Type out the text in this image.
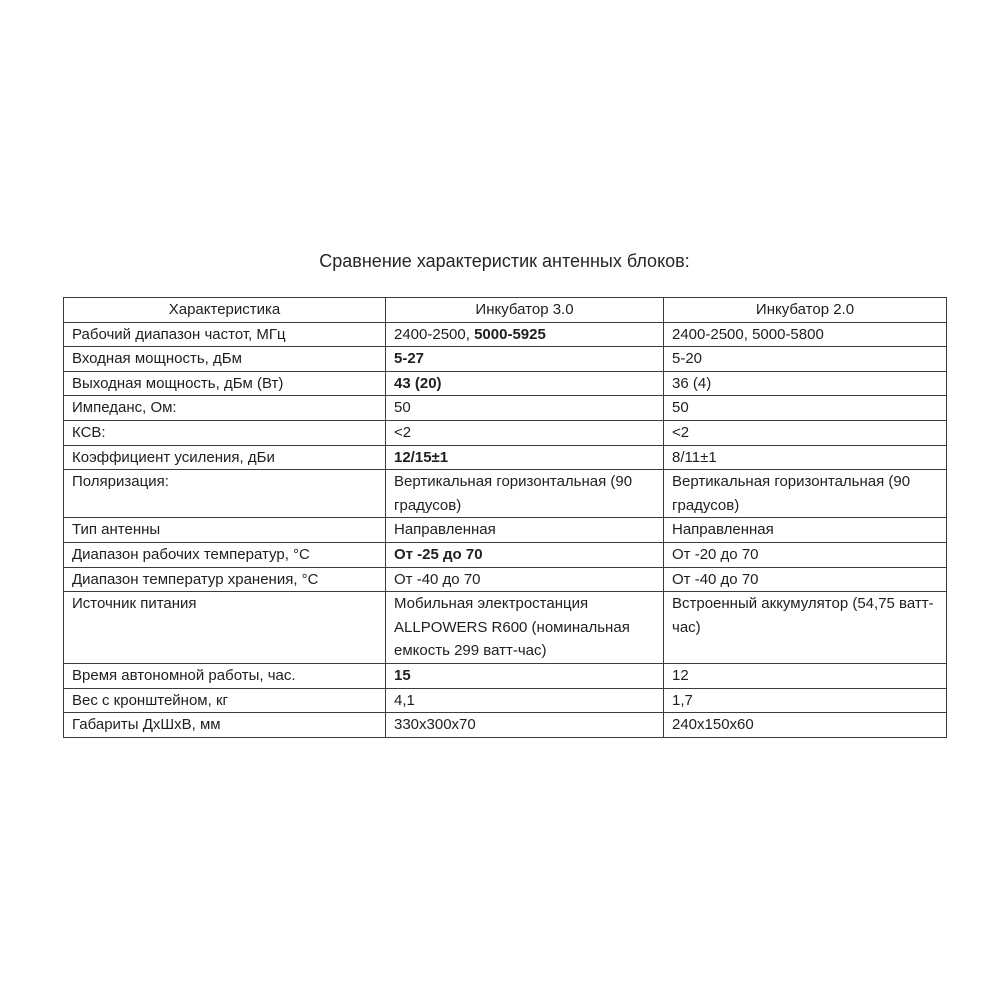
Сравнение характеристик антенных блоков:
Характеристика	Инкубатор 3.0	Инкубатор 2.0
Рабочий диапазон частот, МГц	2400-2500, 5000-5925	2400-2500, 5000-5800
Входная мощность, дБм	5-27	5-20
Выходная мощность, дБм (Вт)	43 (20)	36 (4)
Импеданс, Ом:	50	50
КСВ:	<2	<2
Коэффициент усиления, дБи	12/15±1	8/11±1
Поляризация:	Вертикальная горизонтальная (90 градусов)	Вертикальная горизонтальная (90 градусов)
Тип антенны	Направленная	Направленная
Диапазон рабочих температур, °С	От -25 до 70	От -20 до 70
Диапазон температур хранения, °С	От -40 до 70	От -40 до 70
Источник питания	Мобильная электростанция ALLPOWERS R600 (номинальная емкость 299 ватт-час)	Встроенный аккумулятор (54,75 ватт-час)
Время автономной работы, час.	15	12
Вес с кронштейном, кг	4,1	1,7
Габариты ДхШхВ, мм	330х300х70	240х150х60
